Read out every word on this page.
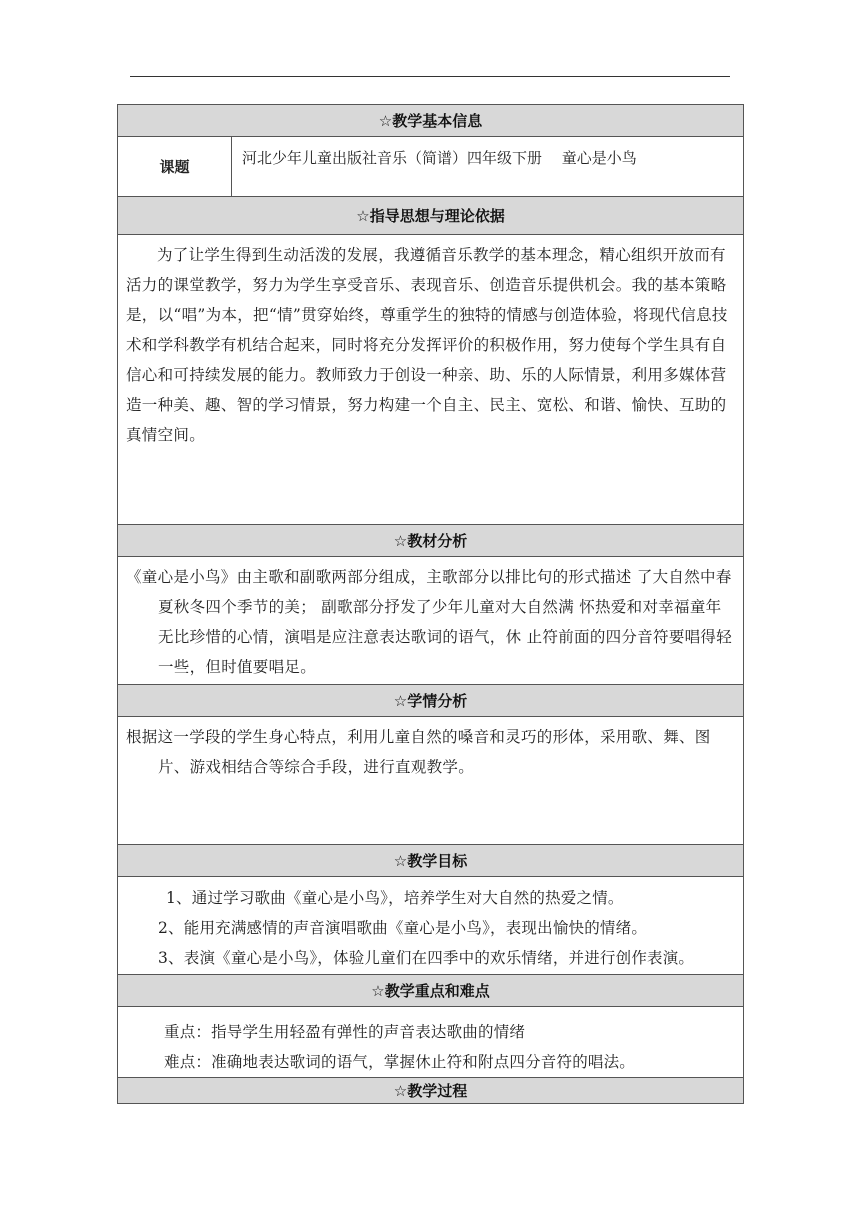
☆教学基本信息
课题	河北少年儿童出版社音乐（简谱）四年级下册　 童心是小鸟
☆指导思想与理论依据

为了让学生得到生动活泼的发展，我遵循音乐教学的基本理念，精心组织开放而有活力的课堂教学，努力为学生享受音乐、表现音乐、创造音乐提供机会。我的基本策略是，以“唱”为本，把“情”贯穿始终，尊重学生的独特的情感与创造体验，将现代信息技术和学科教学有机结合起来，同时将充分发挥评价的积极作用，努力使每个学生具有自信心和可持续发展的能力。教师致力于创设一种亲、助、乐的人际情景，利用多媒体营造一种美、趣、智的学习情景，努力构建一个自主、民主、宽松、和谐、愉快、互助的真情空间。

☆教材分析

《童心是小鸟》由主歌和副歌两部分组成，主歌部分以排比句的形式描述 了大自然中春夏秋冬四个季节的美； 副歌部分抒发了少年儿童对大自然满 怀热爱和对幸福童年无比珍惜的心情，演唱是应注意表达歌词的语气，休 止符前面的四分音符要唱得轻一些，但时值要唱足。

☆学情分析

根据这一学段的学生身心特点，利用儿童自然的嗓音和灵巧的形体，采用歌、舞、图片、游戏相结合等综合手段，进行直观教学。

☆教学目标

1、通过学习歌曲《童心是小鸟》，培养学生对大自然的热爱之情。

2、能用充满感情的声音演唱歌曲《童心是小鸟》，表现出愉快的情绪。

3、表演《童心是小鸟》，体验儿童们在四季中的欢乐情绪，并进行创作表演。

☆教学重点和难点

重点：指导学生用轻盈有弹性的声音表达歌曲的情绪

难点：准确地表达歌词的语气，掌握休止符和附点四分音符的唱法。

☆教学过程
